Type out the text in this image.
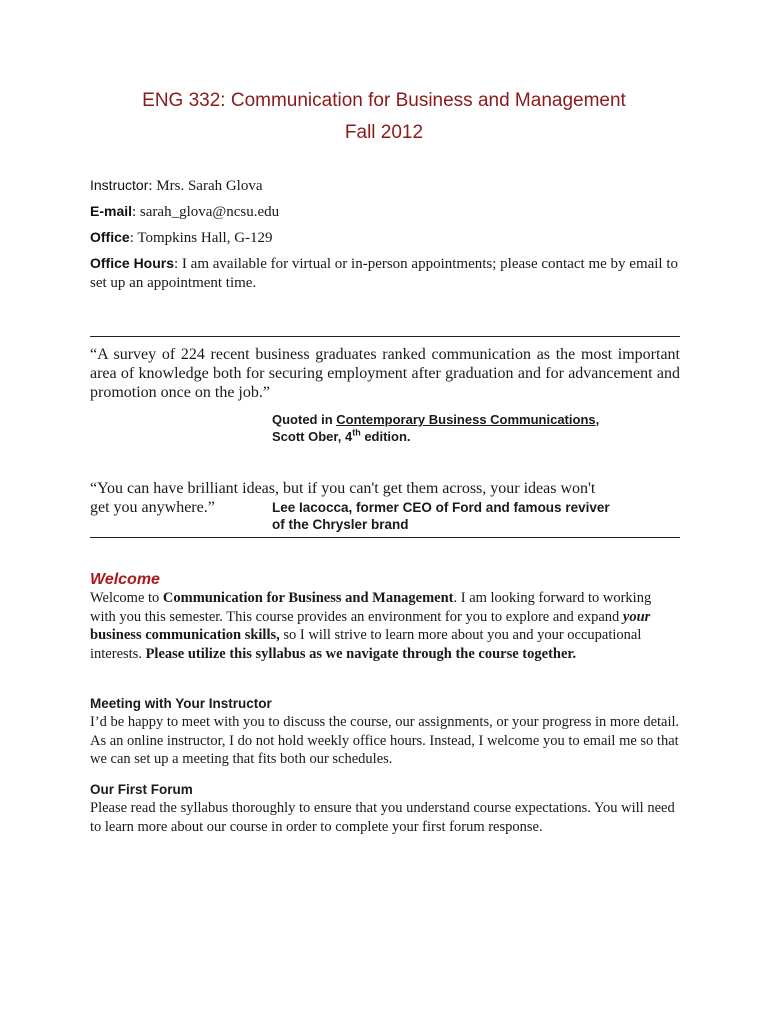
ENG 332: Communication for Business and Management
Fall 2012
Instructor: Mrs. Sarah Glova
E-mail: sarah_glova@ncsu.edu
Office: Tompkins Hall, G-129
Office Hours: I am available for virtual or in-person appointments; please contact me by email to set up an appointment time.
“A survey of 224 recent business graduates ranked communication as the most important area of knowledge both for securing employment after graduation and for advancement and promotion once on the job.”
Quoted in Contemporary Business Communications,
Scott Ober, 4th edition.
“You can have brilliant ideas, but if you can't get them across, your ideas won't
get you anywhere.”	Lee Iacocca, former CEO of Ford and famous reviver
of the Chrysler brand
Welcome
Welcome to Communication for Business and Management. I am looking forward to working with you this semester. This course provides an environment for you to explore and expand your business communication skills, so I will strive to learn more about you and your occupational interests. Please utilize this syllabus as we navigate through the course together.
Meeting with Your Instructor
I’d be happy to meet with you to discuss the course, our assignments, or your progress in more detail. As an online instructor, I do not hold weekly office hours. Instead, I welcome you to email me so that we can set up a meeting that fits both our schedules.
Our First Forum
Please read the syllabus thoroughly to ensure that you understand course expectations. You will need to learn more about our course in order to complete your first forum response.
